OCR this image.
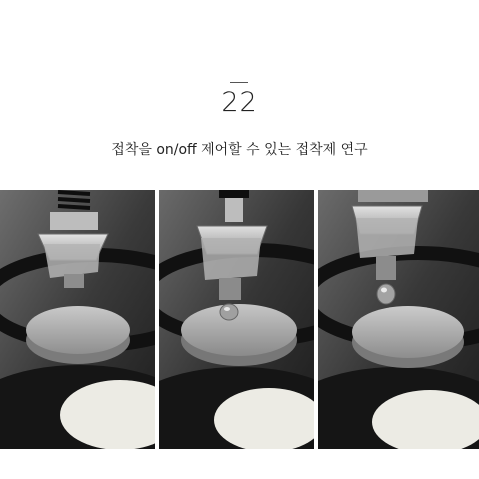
22
접착을 on/off 제어할 수 있는 접착제 연구
